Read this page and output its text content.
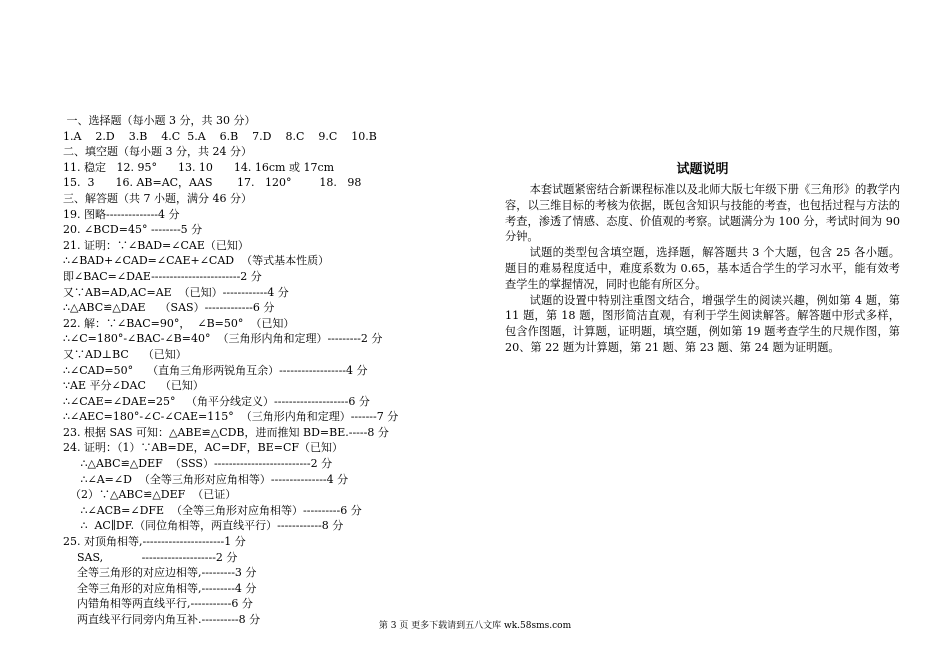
一、选择题（每小题 3 分，共 30 分）
1.A    2.D    3.B    4.C  5.A    6.B    7.D    8.C    9.C    10.B
二、填空题（每小题 3 分，共 24 分）
11. 稳定   12. 95°      13. 10      14. 16cm 或 17cm
15.  3      16. AB=AC，AAS       17.   120°        18.   98
三、解答题（共 7 小题，满分 46 分）
19. 图略--------------4 分
20. ∠BCD=45° --------5 分
21. 证明：∵∠BAD=∠CAE（已知）
∴∠BAD+∠CAD=∠CAE+∠CAD  （等式基本性质）
即∠BAC=∠DAE------------------------2 分
又∵AB=AD,AC=AE  （已知）------------4 分
∴△ABC≌△DAE    （SAS）-------------6 分
22. 解：∵∠BAC=90°，  ∠B=50°  （已知）
∴∠C=180°-∠BAC-∠B=40°  （三角形内角和定理）---------2 分
又∵AD⊥BC    （已知）
∴∠CAD=50°    （直角三角形两锐角互余）------------------4 分
∵AE 平分∠DAC    （已知）
∴∠CAE=∠DAE=25°   （角平分线定义）--------------------6 分
∴∠AEC=180°-∠C-∠CAE=115°  （三角形内角和定理）-------7 分
23. 根据 SAS 可知：△ABE≌△CDB，进而推知 BD=BE.-----8 分
24. 证明：（1）∵AB=DE，AC=DF，BE=CF（已知）
∴△ABC≌△DEF  （SSS）--------------------------2 分
∴∠A=∠D  （全等三角形对应角相等）---------------4 分
（2）∵△ABC≌△DEF  （已证）
∴∠ACB=∠DFE  （全等三角形对应角相等）----------6 分
∴  AC∥DF.（同位角相等，两直线平行）------------8 分
25. 对顶角相等,----------------------1 分
SAS,           --------------------2 分
全等三角形的对应边相等,---------3 分
全等三角形的对应角相等,---------4 分
内错角相等两直线平行,-----------6 分
两直线平行同旁内角互补.----------8 分
试题说明

本套试题紧密结合新课程标准以及北师大版七年级下册《三角形》的教学内容，以三维目标的考核为依据，既包含知识与技能的考查，也包括过程与方法的考查，渗透了情感、态度、价值观的考察。试题满分为 100 分，考试时间为 90 分钟。

试题的类型包含填空题，选择题，解答题共 3 个大题，包含 25 各小题。题目的难易程度适中，难度系数为 0.65，基本适合学生的学习水平，能有效考查学生的掌握情况，同时也能有所区分。

试题的设置中特别注重图文结合，增强学生的阅读兴趣，例如第 4 题，第 11 题，第 18 题，图形简洁直观，有利于学生阅读解答。解答题中形式多样，包含作图题，计算题，证明题，填空题，例如第 19 题考查学生的尺规作图，第 20、第 22 题为计算题，第 21 题、第 23 题、第 24 题为证明题。

第 3 页 更多下载请到五八文库 wk.58sms.com
